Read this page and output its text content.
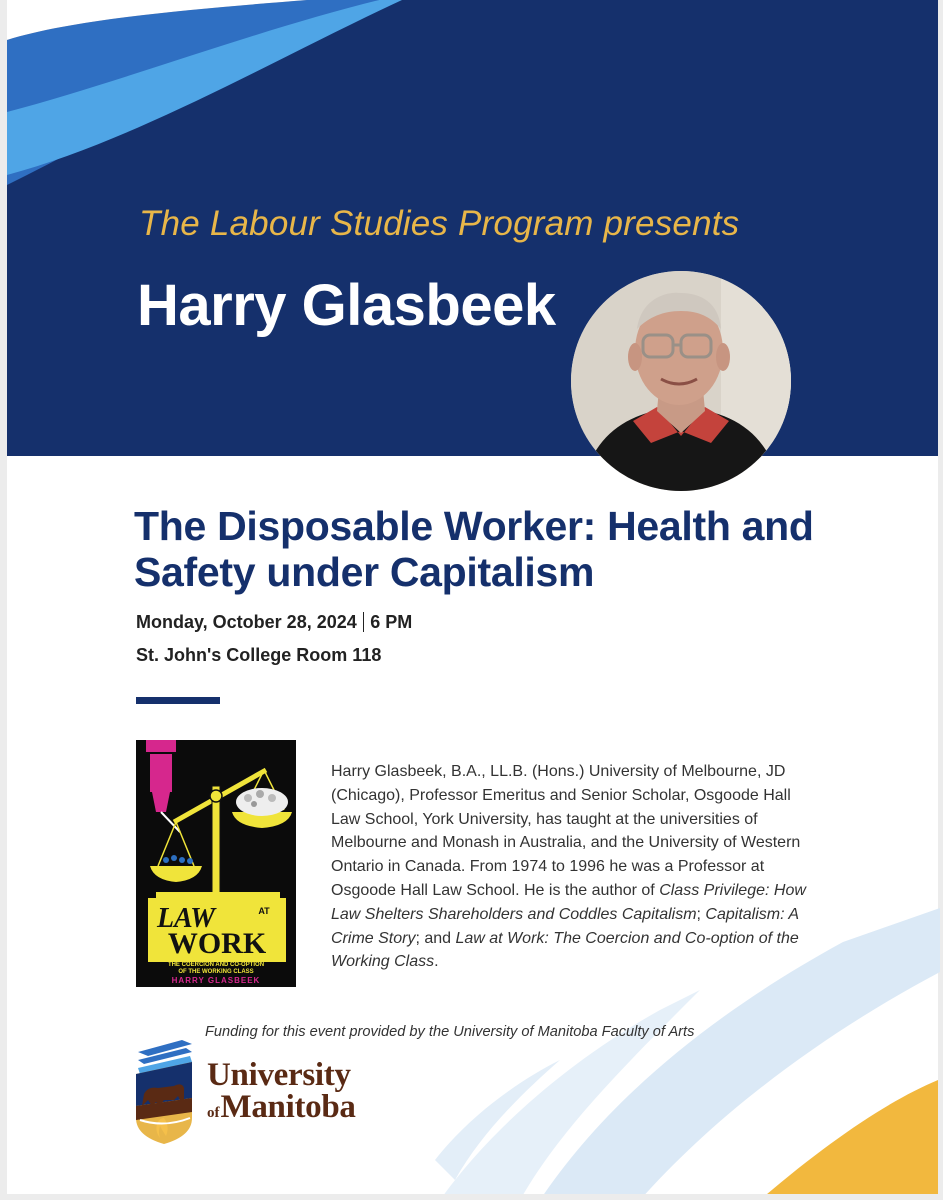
The Labour Studies Program presents
Harry Glasbeek
The Disposable Worker: Health and Safety under Capitalism
Monday, October 28, 2024 6 PM
St. John's College Room 118
LAW	AT
WORK
THE COERCION AND CO-OPTION
OF THE WORKING CLASS
HARRY GLASBEEK
Harry Glasbeek, B.A., LL.B. (Hons.) University of Melbourne, JD (Chicago), Professor Emeritus and Senior Scholar, Osgoode Hall Law School, York University, has taught at the universities of Melbourne and Monash in Australia, and the University of Western Ontario in Canada. From 1974 to 1996 he was a Professor at Osgoode Hall Law School. He is the author of Class Privilege: How Law Shelters Shareholders and Coddles Capitalism; Capitalism: A Crime Story; and Law at Work: The Coercion and Co-option of the Working Class.
Funding for this event provided by the University of Manitoba Faculty of Arts
University
ofManitoba
